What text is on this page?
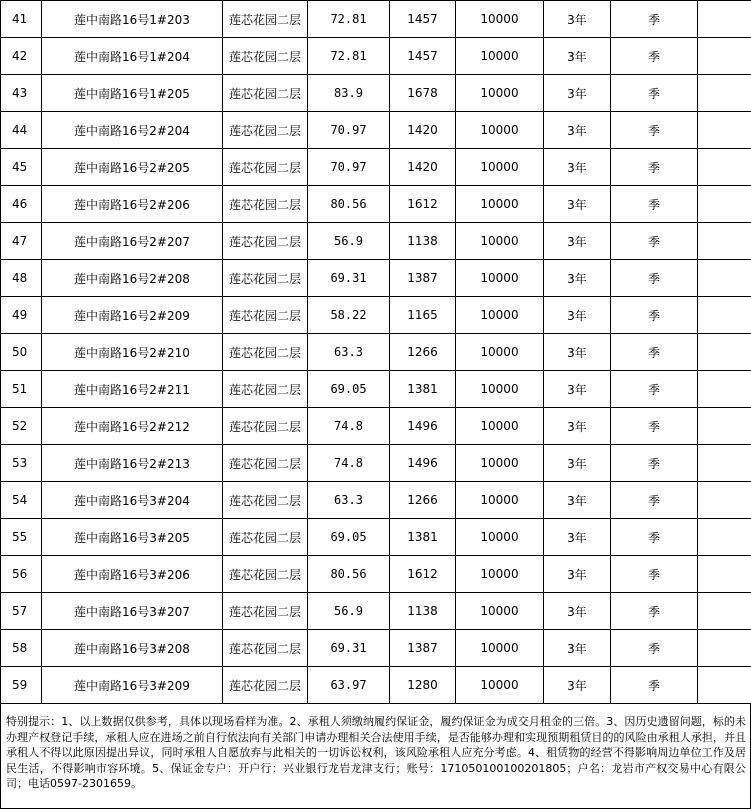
41	莲中南路16号1#203	莲芯花园二层	72.81	1457	10000	3年	季	
42	莲中南路16号1#204	莲芯花园二层	72.81	1457	10000	3年	季	
43	莲中南路16号1#205	莲芯花园二层	83.9	1678	10000	3年	季	
44	莲中南路16号2#204	莲芯花园二层	70.97	1420	10000	3年	季	
45	莲中南路16号2#205	莲芯花园二层	70.97	1420	10000	3年	季	
46	莲中南路16号2#206	莲芯花园二层	80.56	1612	10000	3年	季	
47	莲中南路16号2#207	莲芯花园二层	56.9	1138	10000	3年	季	
48	莲中南路16号2#208	莲芯花园二层	69.31	1387	10000	3年	季	
49	莲中南路16号2#209	莲芯花园二层	58.22	1165	10000	3年	季	
50	莲中南路16号2#210	莲芯花园二层	63.3	1266	10000	3年	季	
51	莲中南路16号2#211	莲芯花园二层	69.05	1381	10000	3年	季	
52	莲中南路16号2#212	莲芯花园二层	74.8	1496	10000	3年	季	
53	莲中南路16号2#213	莲芯花园二层	74.8	1496	10000	3年	季	
54	莲中南路16号3#204	莲芯花园二层	63.3	1266	10000	3年	季	
55	莲中南路16号3#205	莲芯花园二层	69.05	1381	10000	3年	季	
56	莲中南路16号3#206	莲芯花园二层	80.56	1612	10000	3年	季	
57	莲中南路16号3#207	莲芯花园二层	56.9	1138	10000	3年	季	
58	莲中南路16号3#208	莲芯花园二层	69.31	1387	10000	3年	季	
59	莲中南路16号3#209	莲芯花园二层	63.97	1280	10000	3年	季	
特别提示：1、以上数据仅供参考，具体以现场看样为准。2、承租人须缴纳履约保证金，履约保证金为成交月租金的三倍。3、因历史遗留问题，标的未办理产权登记手续，承租人应在进场之前自行依法向有关部门申请办理相关合法使用手续，是否能够办理和实现预期租赁目的的风险由承租人承担，并且承租人不得以此原因提出异议，同时承租人自愿放弃与此相关的一切诉讼权利，该风险承租人应充分考虑。4、租赁物的经营不得影响周边单位工作及居民生活，不得影响市容环境。5、保证金专户：开户行：兴业银行龙岩龙津支行；账号：171050100100201805；户名：龙岩市产权交易中心有限公司；电话0597-2301659。
